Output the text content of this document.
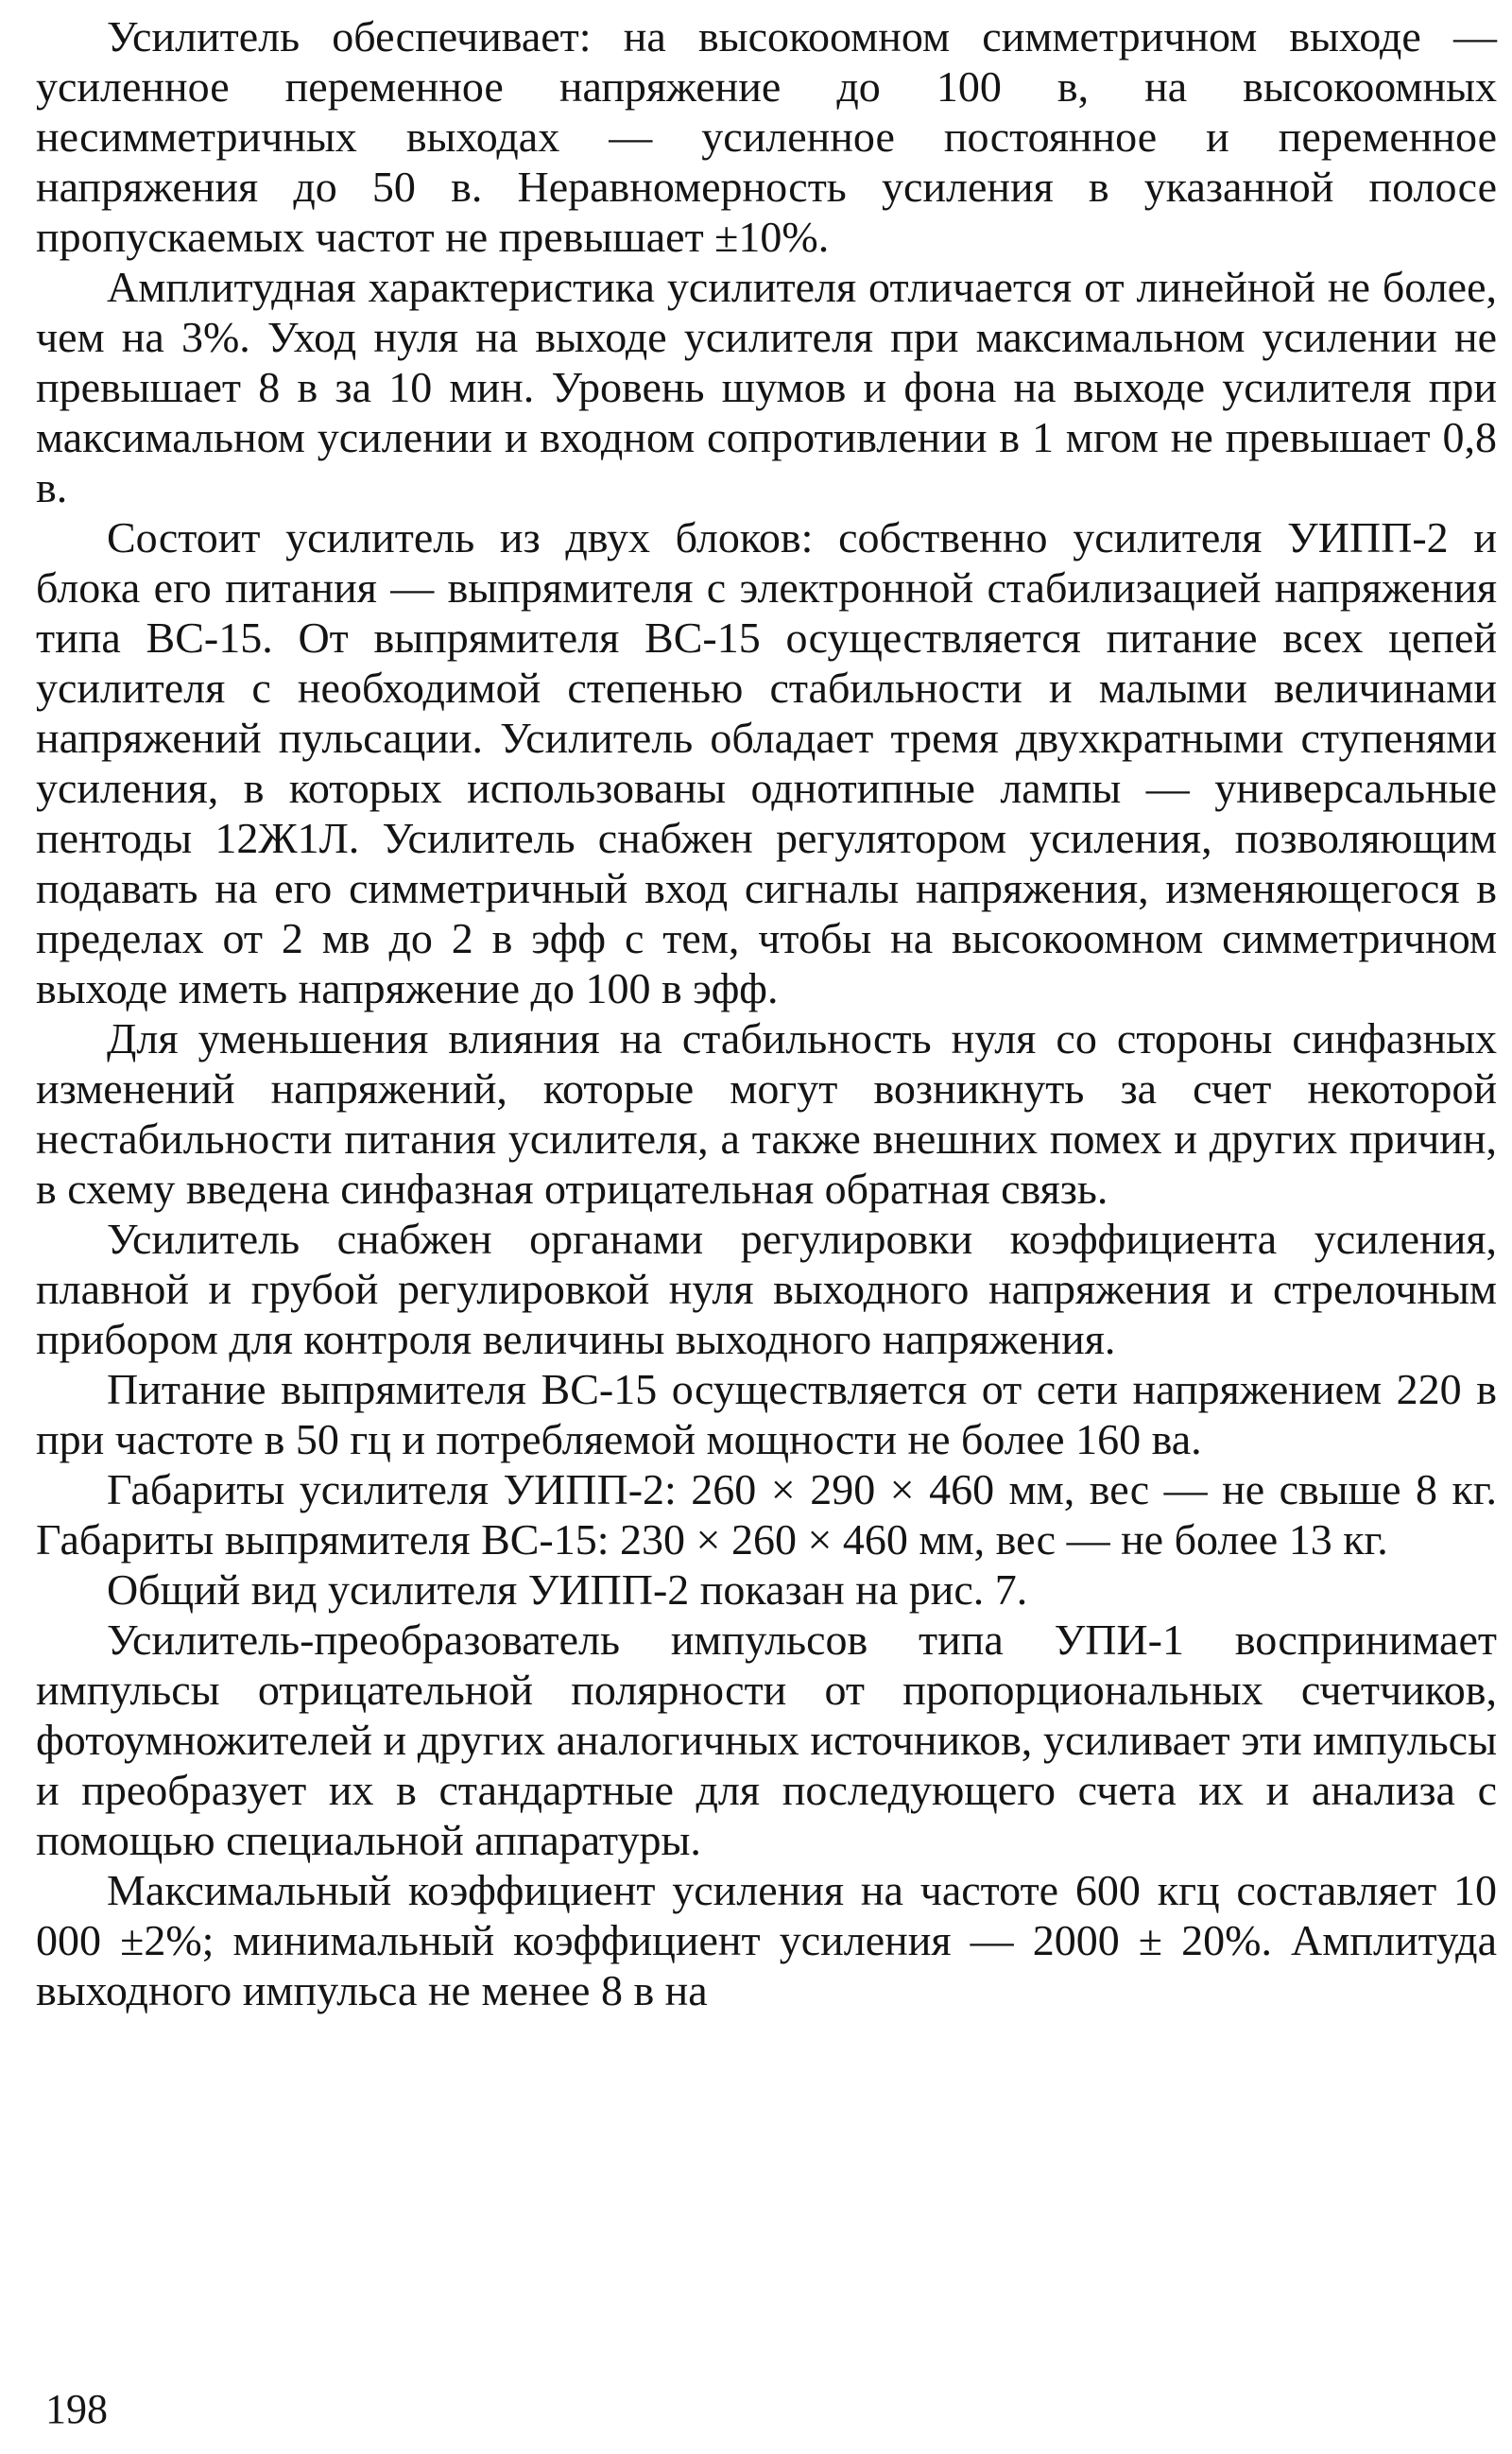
Усилитель обеспечивает: на высокоомном симметричном выходе — усиленное переменное напряжение до 100 в, на высокоомных несимметричных выходах — усиленное постоянное и переменное напряжения до 50 в. Неравномерность усиления в указанной полосе пропускаемых частот не превышает ±10%.

Амплитудная характеристика усилителя отличается от линейной не более, чем на 3%. Уход нуля на выходе усилителя при максимальном усилении не превышает 8 в за 10 мин. Уровень шумов и фона на выходе усилителя при максимальном усилении и входном сопротивлении в 1 мгом не превышает 0,8 в.

Состоит усилитель из двух блоков: собственно усилителя УИПП-2 и блока его питания — выпрямителя с электронной стабилизацией напряжения типа ВС-15. От выпрямителя ВС-15 осуществляется питание всех цепей усилителя с необходимой степенью стабильности и малыми величинами напряжений пульсации. Усилитель обладает тремя двухкратными ступенями усиления, в которых использованы однотипные лампы — универсальные пентоды 12Ж1Л. Усилитель снабжен регулятором усиления, позволяющим подавать на его симметричный вход сигналы напряжения, изменяющегося в пределах от 2 мв до 2 в эфф с тем, чтобы на высокоомном симметричном выходе иметь напряжение до 100 в эфф.

Для уменьшения влияния на стабильность нуля со стороны синфазных изменений напряжений, которые могут возникнуть за счет некоторой нестабильности питания усилителя, а также внешних помех и других причин, в схему введена синфазная отрицательная обратная связь.

Усилитель снабжен органами регулировки коэффициента усиления, плавной и грубой регулировкой нуля выходного напряжения и стрелочным прибором для контроля величины выходного напряжения.

Питание выпрямителя ВС-15 осуществляется от сети напряжением 220 в при частоте в 50 гц и потребляемой мощности не более 160 ва.

Габариты усилителя УИПП-2: 260 × 290 × 460 мм, вес — не свыше 8 кг. Габариты выпрямителя ВС-15: 230 × 260 × 460 мм, вес — не более 13 кг.

Общий вид усилителя УИПП-2 показан на рис. 7.

Усилитель-преобразователь импульсов типа УПИ-1 воспринимает импульсы отрицательной полярности от пропорциональных счетчиков, фотоумножителей и других аналогичных источников, усиливает эти импульсы и преобразует их в стандартные для последующего счета их и анализа с помощью специальной аппаратуры.

Максимальный коэффициент усиления на частоте 600 кгц составляет 10 000 ±2%; минимальный коэффициент усиления — 2000 ± 20%. Амплитуда выходного импульса не менее 8 в на

198
